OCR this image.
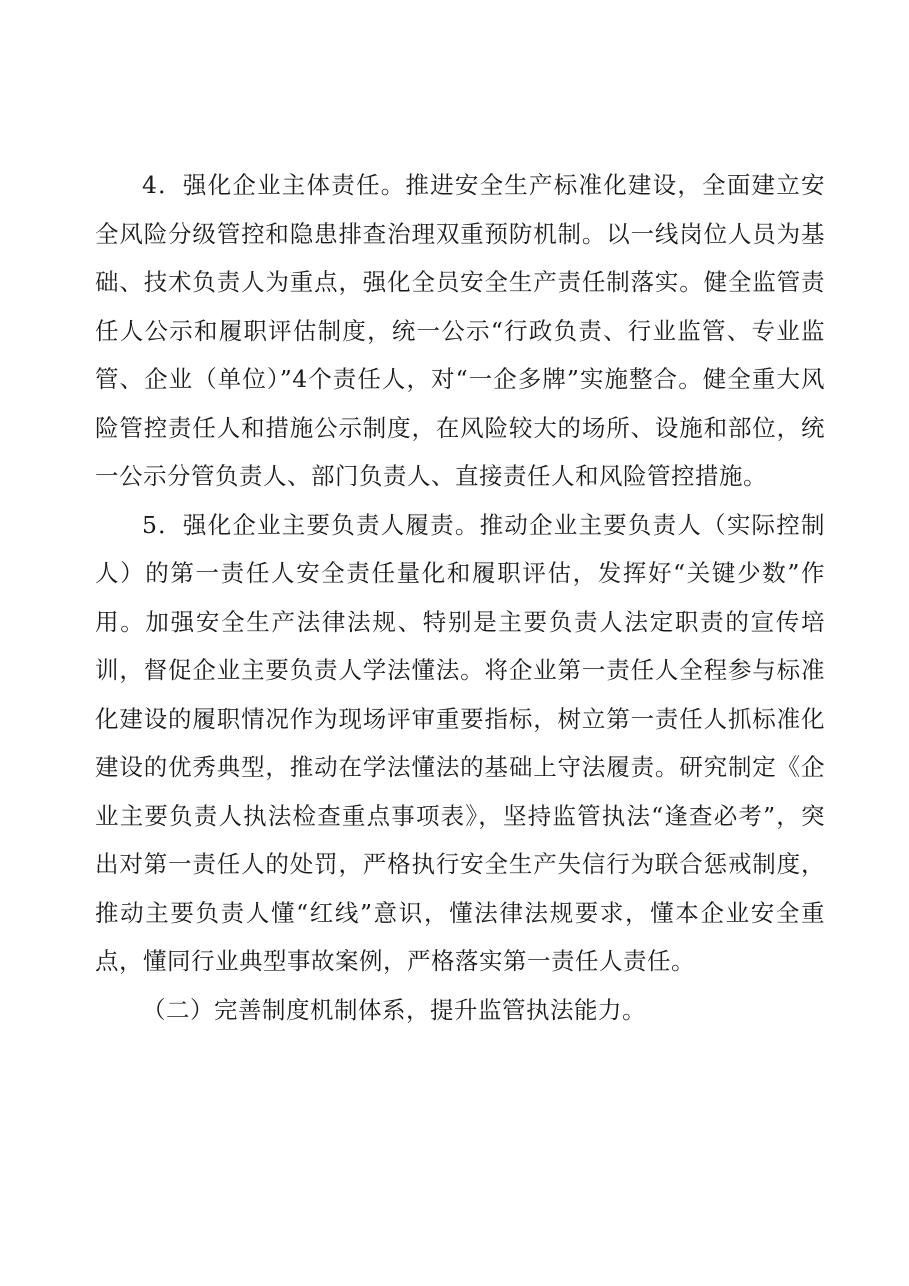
4．强化企业主体责任。推进安全生产标准化建设，全面建立安全风险分级管控和隐患排查治理双重预防机制。以一线岗位人员为基础、技术负责人为重点，强化全员安全生产责任制落实。健全监管责任人公示和履职评估制度，统一公示“行政负责、行业监管、专业监管、企业（单位）”4个责任人，对“一企多牌”实施整合。健全重大风险管控责任人和措施公示制度，在风险较大的场所、设施和部位，统一公示分管负责人、部门负责人、直接责任人和风险管控措施。

5．强化企业主要负责人履责。推动企业主要负责人（实际控制人）的第一责任人安全责任量化和履职评估，发挥好“关键少数”作用。加强安全生产法律法规、特别是主要负责人法定职责的宣传培训，督促企业主要负责人学法懂法。将企业第一责任人全程参与标准化建设的履职情况作为现场评审重要指标，树立第一责任人抓标准化建设的优秀典型，推动在学法懂法的基础上守法履责。研究制定《企业主要负责人执法检查重点事项表》，坚持监管执法“逢查必考”，突出对第一责任人的处罚，严格执行安全生产失信行为联合惩戒制度，推动主要负责人懂“红线”意识，懂法律法规要求，懂本企业安全重点，懂同行业典型事故案例，严格落实第一责任人责任。

（二）完善制度机制体系，提升监管执法能力。
